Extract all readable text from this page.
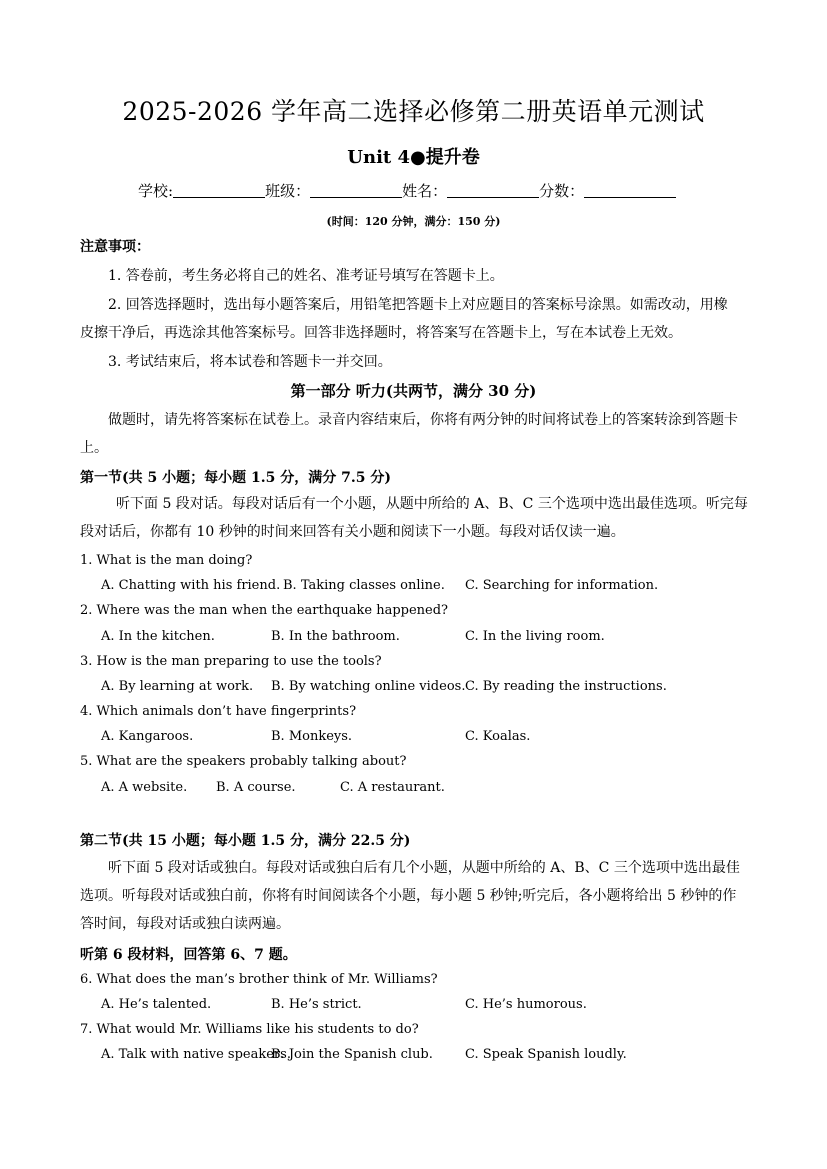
2025-2026 学年高二选择必修第二册英语单元测试
Unit 4●提升卷
学校:	班级：	姓名：	分数：
(时间：120 分钟，满分：150 分)
注意事项：
1. 答卷前，考生务必将自己的姓名、准考证号填写在答题卡上。
2. 回答选择题时，选出每小题答案后，用铅笔把答题卡上对应题目的答案标号涂黑。如需改动，用橡
皮擦干净后，再选涂其他答案标号。回答非选择题时，将答案写在答题卡上，写在本试卷上无效。
3. 考试结束后，将本试卷和答题卡一并交回。
第一部分 听力(共两节，满分 30 分)
做题时，请先将答案标在试卷上。录音内容结束后，你将有两分钟的时间将试卷上的答案转涂到答题卡上。
第一节(共 5 小题；每小题 1.5 分，满分 7.5 分)
听下面 5 段对话。每段对话后有一个小题，从题中所给的 A、B、C 三个选项中选出最佳选项。听完每段对话后，你都有 10 秒钟的时间来回答有关小题和阅读下一小题。每段对话仅读一遍。
1. What is the man doing?
A. Chatting with his friend. B. Taking classes online. C. Searching for information.
2. Where was the man when the earthquake happened?
A. In the kitchen.	B. In the bathroom.	C. In the living room.
3. How is the man preparing to use the tools?
A. By learning at work. B. By watching online videos. C. By reading the instructions.
4. Which animals don’t have fingerprints?
A. Kangaroos.	B. Monkeys.	C. Koalas.
5. What are the speakers probably talking about?
A. A website. B. A course.	C. A restaurant.
第二节(共 15 小题；每小题 1.5 分，满分 22.5 分)
听下面 5 段对话或独白。每段对话或独白后有几个小题，从题中所给的 A、B、C 三个选项中选出最佳选项。听每段对话或独白前，你将有时间阅读各个小题，每小题 5 秒钟;听完后，各小题将给出 5 秒钟的作答时间，每段对话或独白读两遍。
听第 6 段材料，回答第 6、7 题。
6. What does the man’s brother think of Mr. Williams?
A. He’s talented.	B. He’s strict.	C. He’s humorous.
7. What would Mr. Williams like his students to do?
A. Talk with native speakers.
B. Join the Spanish club. C. Speak Spanish loudly.
